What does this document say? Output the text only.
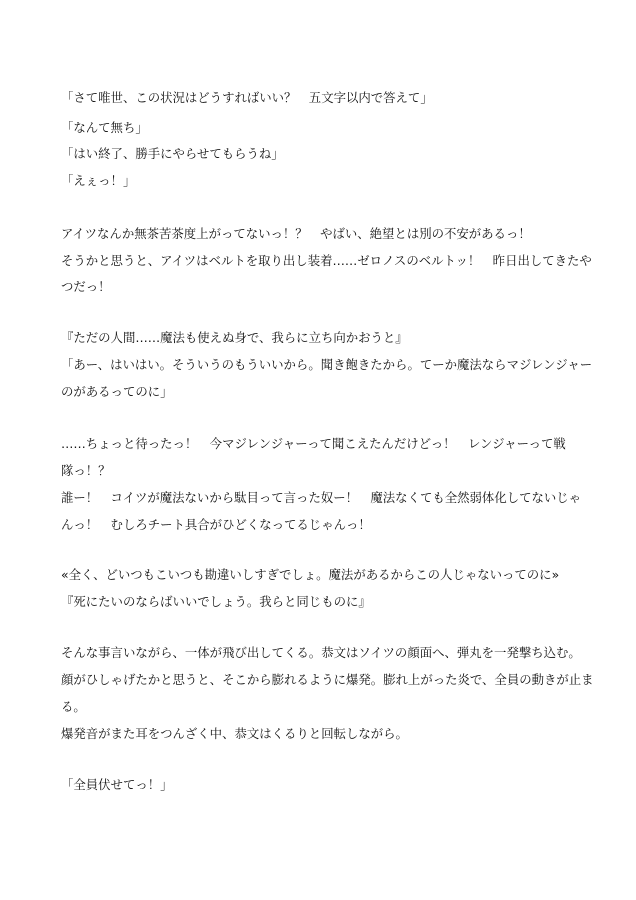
「さて唯世、この状況はどうすればいい？　五文字以内で答えて」
「なんて無ち」
「はい終了、勝手にやらせてもらうね」
「えぇっ！」
アイツなんか無茶苦茶度上がってないっ！？　やばい、絶望とは別の不安があるっ！
そうかと思うと、アイツはベルトを取り出し装着……ゼロノスのベルトッ！　昨日出してきたや
つだっ！
『ただの人間……魔法も使えぬ身で、我らに立ち向かおうと』
「あー、はいはい。そういうのもういいから。聞き飽きたから。てーか魔法ならマジレンジャー
のがあるってのに」
……ちょっと待ったっ！　今マジレンジャーって聞こえたんだけどっ！　レンジャーって戦
隊っ！？
誰ー！　コイツが魔法ないから駄目って言った奴ー！　魔法なくても全然弱体化してないじゃ
んっ！　むしろチート具合がひどくなってるじゃんっ！
«全く、どいつもこいつも勘違いしすぎでしょ。魔法があるからこの人じゃないってのに»
『死にたいのならばいいでしょう。我らと同じものに』
そんな事言いながら、一体が飛び出してくる。恭文はソイツの顔面へ、弾丸を一発撃ち込む。
顔がひしゃげたかと思うと、そこから膨れるように爆発。膨れ上がった炎で、全員の動きが止ま
る。
爆発音がまた耳をつんざく中、恭文はくるりと回転しながら。
「全員伏せてっ！」
